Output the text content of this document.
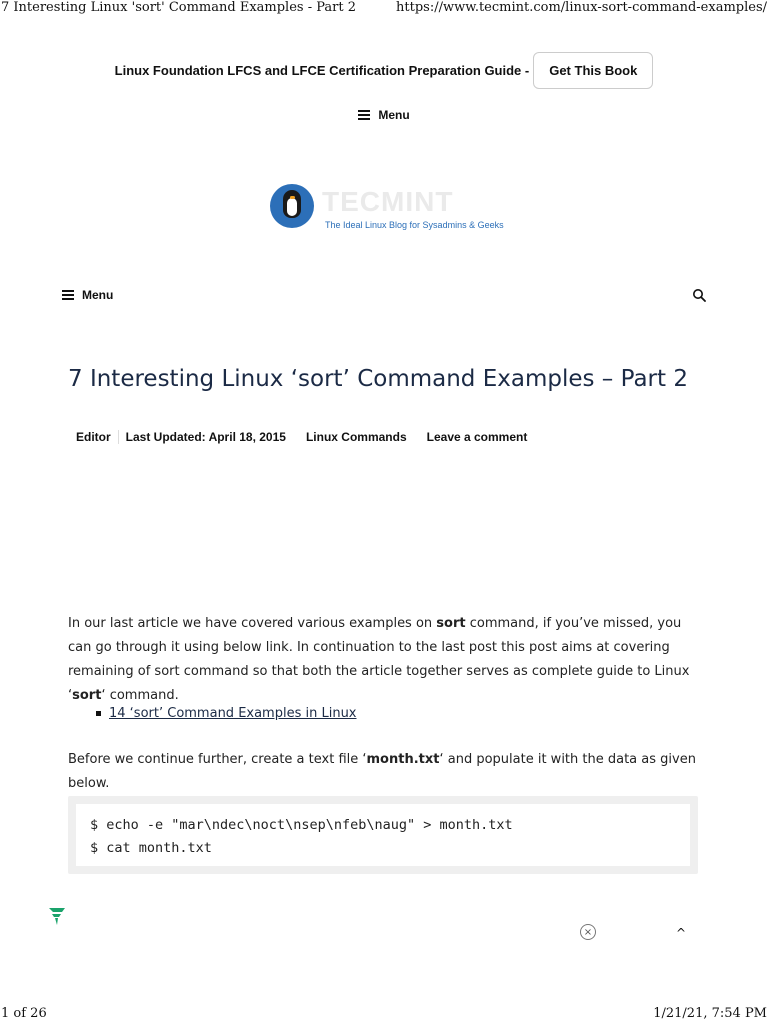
7 Interesting Linux 'sort' Command Examples - Part 2	https://www.tecmint.com/linux-sort-command-examples/
Linux Foundation LFCS and LFCE Certification Preparation Guide -	Get This Book
Menu
TECMINT
The Ideal Linux Blog for Sysadmins & Geeks
Menu
7 Interesting Linux ‘sort’ Command Examples – Part 2
Editor Last Updated: April 18, 2015 Linux Commands Leave a comment

In our last article we have covered various examples on sort command, if you’ve missed, you can go through it using below link. In continuation to the last post this post aims at covering remaining of sort command so that both the article together serves as complete guide to Linux ‘sort‘ command.

14 ‘sort’ Command Examples in Linux

Before we continue further, create a text file ‘month.txt‘ and populate it with the data as given below.

$ echo -e "mar\ndec\noct\nsep\nfeb\naug" > month.txt
$ cat month.txt
×	^
1 of 26	1/21/21, 7:54 PM
